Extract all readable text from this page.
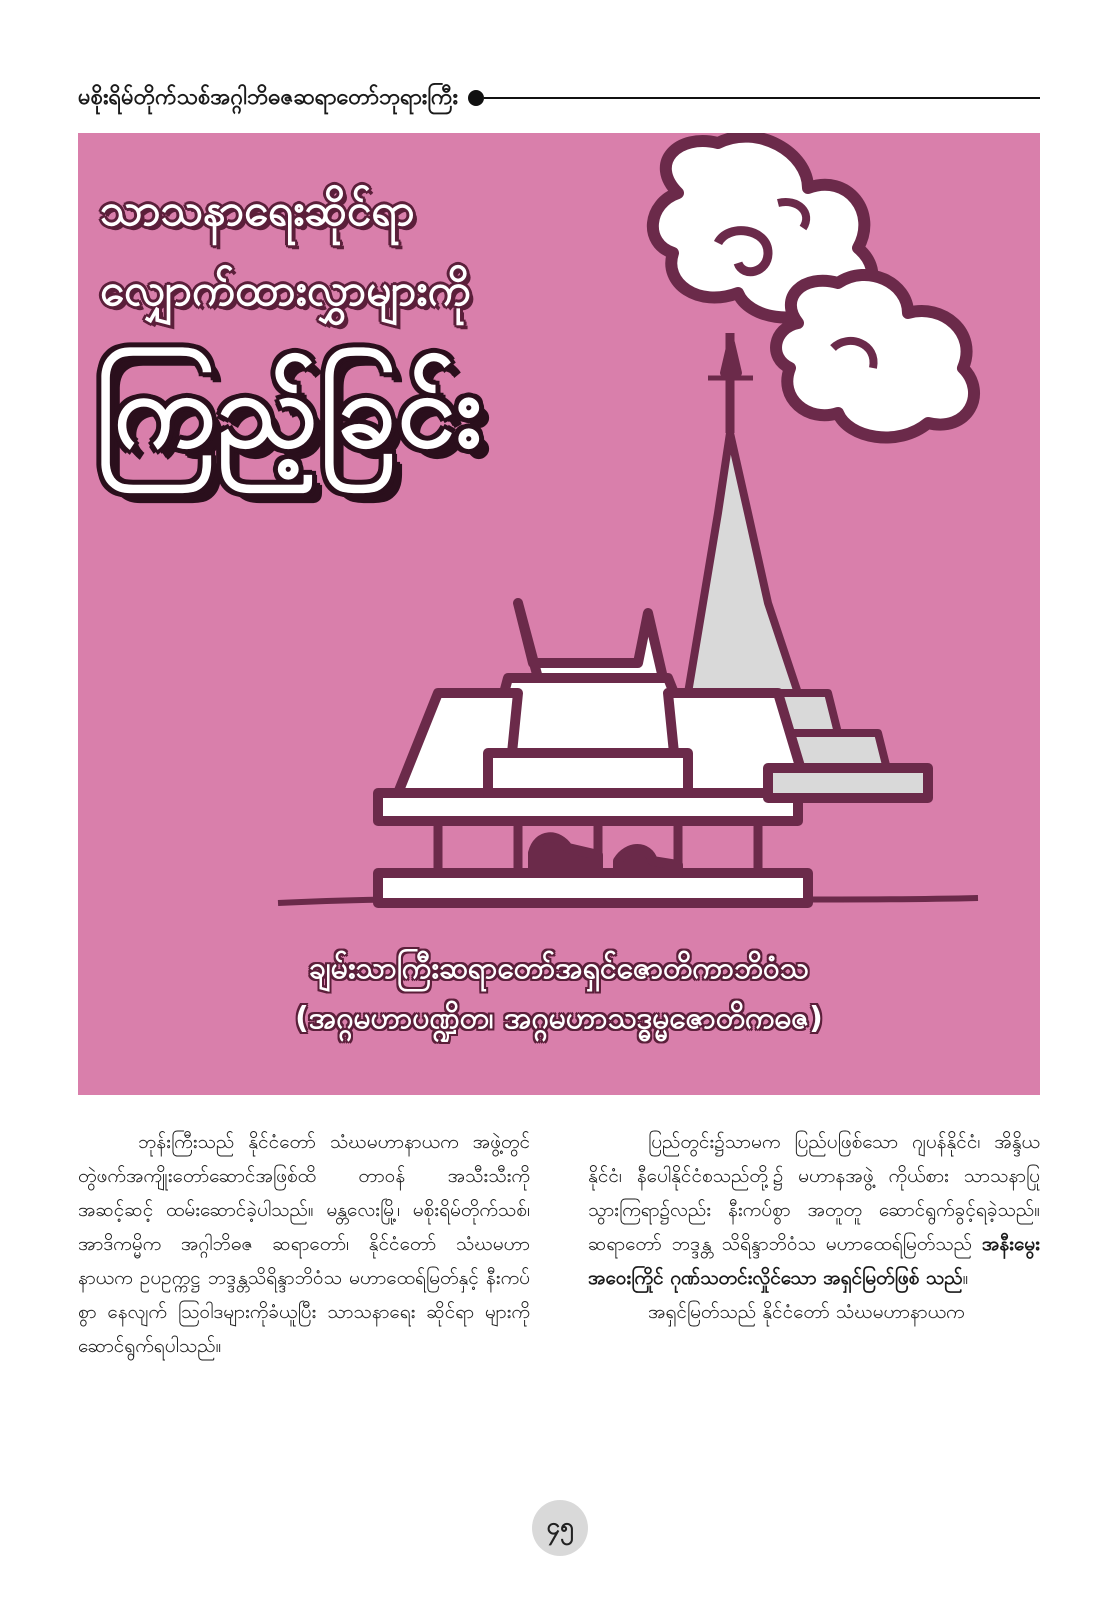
မစိုးရိမ်တိုက်သစ်အဂ္ဂါဘိဓဇဆရာတော်ဘုရားကြီး
သာသနာရေးဆိုင်ရာ
လျှောက်ထားလွှာများကို
ကြည့်ခြင်း
ချမ်းသာကြီးဆရာတော်အရှင်ဇောတိကာဘိဝံသ
(အဂ္ဂမဟာပဏ္ဍိတ၊ အဂ္ဂမဟာသဒ္ဓမ္မဇောတိကဓဇ)

ဘုန်းကြီးသည် နိုင်ငံတော် သံဃမဟာနာယက အဖွဲ့တွင် တွဲဖက်အကျိုးတော်ဆောင်အဖြစ်ထိ တာဝန် အသီးသီးကို အဆင့်ဆင့် ထမ်းဆောင်ခဲ့ပါသည်။ မန္တလေးမြို့၊ မစိုးရိမ်တိုက်သစ်၊ အာဒိကမ္မိက အဂ္ဂါဘိဓဇ ဆရာတော်၊ နိုင်ငံတော် သံဃမဟာနာယက ဥပဥက္ကဋ္ဌ ဘဒ္ဒန္တသိရိန္ဒာဘိဝံသ မဟာထေရ်မြတ်နှင့် နီးကပ်စွာ နေလျက် ဩဝါဒများကိုခံယူပြီး သာသနာရေး ဆိုင်ရာ များကို ဆောင်ရွက်ရပါသည်။

ပြည်တွင်း၌သာမက ပြည်ပဖြစ်သော ဂျပန်နိုင်ငံ၊ အိန္ဒိယနိုင်ငံ၊ နီပေါနိုင်ငံစသည်တို့၌ မဟာနအဖွဲ့ ကိုယ်စား သာသနာပြု သွားကြရာ၌လည်း နီးကပ်စွာ အတူတူ ဆောင်ရွက်ခွင့်ရခဲ့သည်။ ဆရာတော် ဘဒ္ဒန္တ သိရိန္ဒာဘိဝံသ မဟာထေရ်မြတ်သည် အနီးမွေး အဝေးကြိုင် ဂုဏ်သတင်းလှိုင်သော အရှင်မြတ်ဖြစ် သည်။

အရှင်မြတ်သည် နိုင်ငံတော် သံဃမဟာနာယက

၄၅
